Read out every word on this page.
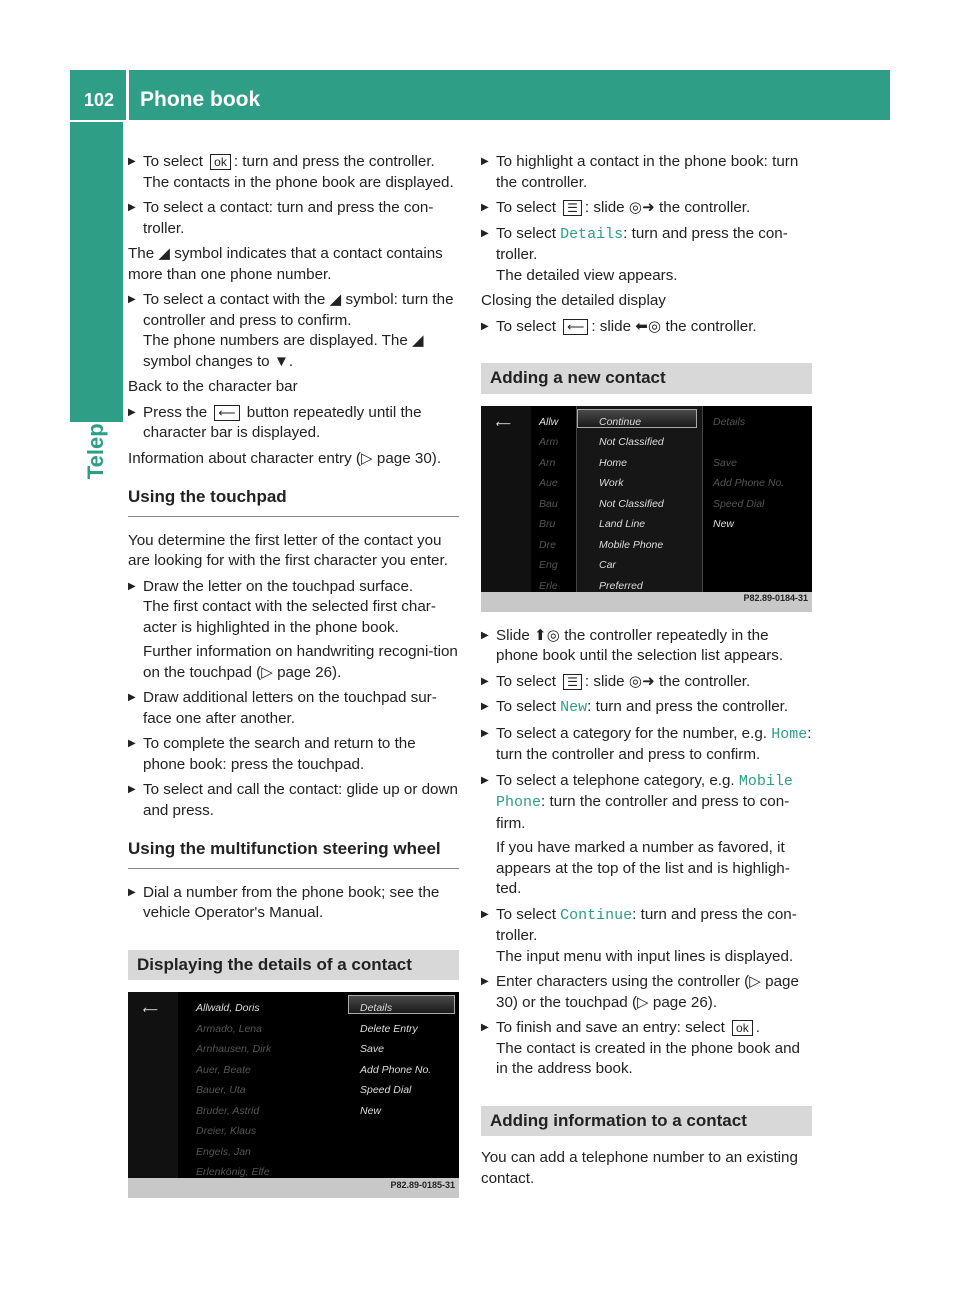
102 Phone book
Telephone
▶ To select ok : turn and press the controller.
The contacts in the phone book are displayed.
▶ To select a contact: turn and press the con-troller.

The ◢ symbol indicates that a contact contains more than one phone number.

▶ To select a contact with the ◢ symbol: turn the controller and press to confirm.
The phone numbers are displayed. The ◢ symbol changes to ▼.

Back to the character bar

▶ Press the ⟵ button repeatedly until the character bar is displayed.

Information about character entry (▷ page 30).

Using the touchpad

You determine the first letter of the contact you are looking for with the first character you enter.

▶ Draw the letter on the touchpad surface.
The first contact with the selected first char-acter is highlighted in the phone book.
Further information on handwriting recogni-tion on the touchpad (▷ page 26).
▶ Draw additional letters on the touchpad sur-face one after another.
▶ To complete the search and return to the phone book: press the touchpad.
▶ To select and call the contact: glide up or down and press.
Using the multifunction steering wheel
▶ Dial a number from the phone book; see the vehicle Operator's Manual.
Displaying the details of a contact
⟵	Allwald, Doris
Armado, Lena
Arnhausen, Dirk
Auer, Beate
Bauer, Uta
Bruder, Astrid
Dreier, Klaus
Engels, Jan
Erlenkönig, Elfe
Details
Delete Entry
Save
Add Phone No.
Speed Dial
New
P82.89-0185-31
▶ To highlight a contact in the phone book: turn the controller.
▶ To select ☰ : slide ◎➜ the controller.
▶ To select Details: turn and press the con-troller.
The detailed view appears.

Closing the detailed display

▶ To select ⟵ : slide ⬅◎ the controller.
Adding a new contact
⟵	Allw
Arm
Arn
Aue
Bau
Bru
Dre
Eng
Erle
Continue
Not Classified
Home
Work
Not Classified
Land Line
Mobile Phone
Car
Preferred
Details
Save
Add Phone No.
Speed Dial
New
P82.89-0184-31
▶ Slide ⬆◎ the controller repeatedly in the phone book until the selection list appears.
▶ To select ☰ : slide ◎➜ the controller.
▶ To select New: turn and press the controller.
▶ To select a category for the number, e.g. Home: turn the controller and press to confirm.
▶ To select a telephone category, e.g. Mobile Phone: turn the controller and press to con-firm.
If you have marked a number as favored, it appears at the top of the list and is highligh-ted.
▶ To select Continue: turn and press the con-troller.
The input menu with input lines is displayed.
▶ Enter characters using the controller (▷ page 30) or the touchpad (▷ page 26).
▶ To finish and save an entry: select ok .
The contact is created in the phone book and in the address book.
Adding information to a contact

You can add a telephone number to an existing contact.
